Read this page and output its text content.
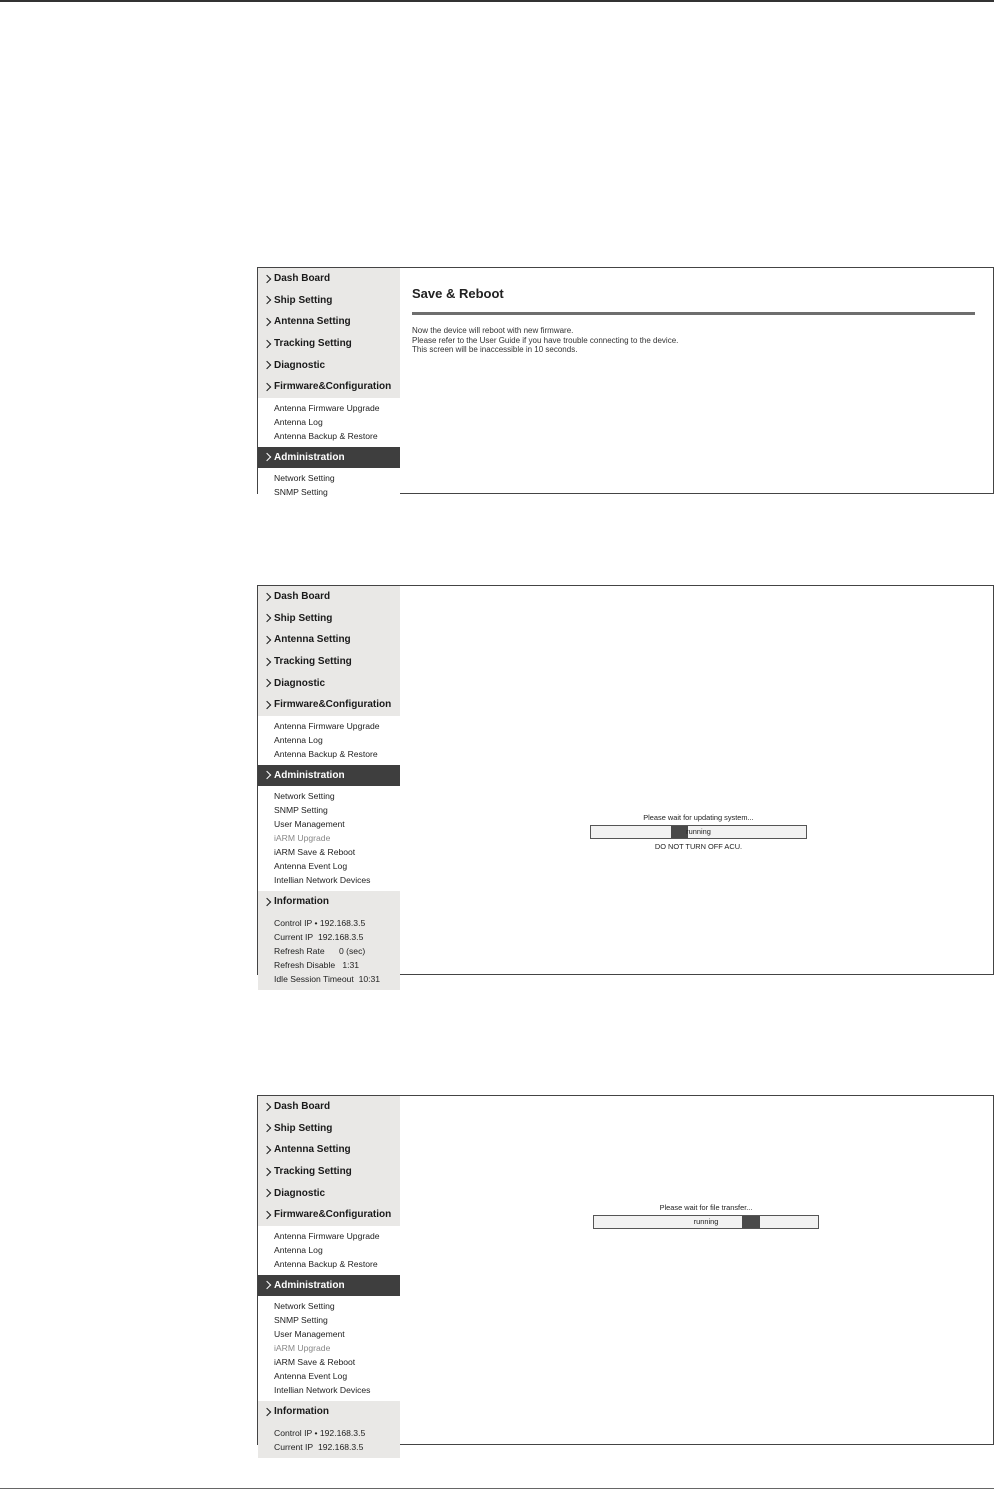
Dash Board
Ship Setting
Antenna Setting
Tracking Setting
Diagnostic
Firmware&Configuration
Antenna Firmware Upgrade
Antenna Log
Antenna Backup & Restore
Administration
Network Setting
SNMP Setting
Save & Reboot
Now the device will reboot with new firmware.
Please refer to the User Guide if you have trouble connecting to the device.
This screen will be inaccessible in 10 seconds.
Dash Board
Ship Setting
Antenna Setting
Tracking Setting
Diagnostic
Firmware&Configuration
Antenna Firmware Upgrade
Antenna Log
Antenna Backup & Restore
Administration
Network Setting
SNMP Setting
User Management
iARM Upgrade
iARM Save & Reboot
Antenna Event Log
Intellian Network Devices
Information
Control IP • 192.168.3.5
Current IP 192.168.3.5
Refresh Rate 0 (sec)
Refresh Disable 1:31
Idle Session Timeout 10:31
Please wait for updating system...
running
DO NOT TURN OFF ACU.
Dash Board
Ship Setting
Antenna Setting
Tracking Setting
Diagnostic
Firmware&Configuration
Antenna Firmware Upgrade
Antenna Log
Antenna Backup & Restore
Administration
Network Setting
SNMP Setting
User Management
iARM Upgrade
iARM Save & Reboot
Antenna Event Log
Intellian Network Devices
Information
Control IP • 192.168.3.5
Current IP 192.168.3.5
Please wait for file transfer...
running
